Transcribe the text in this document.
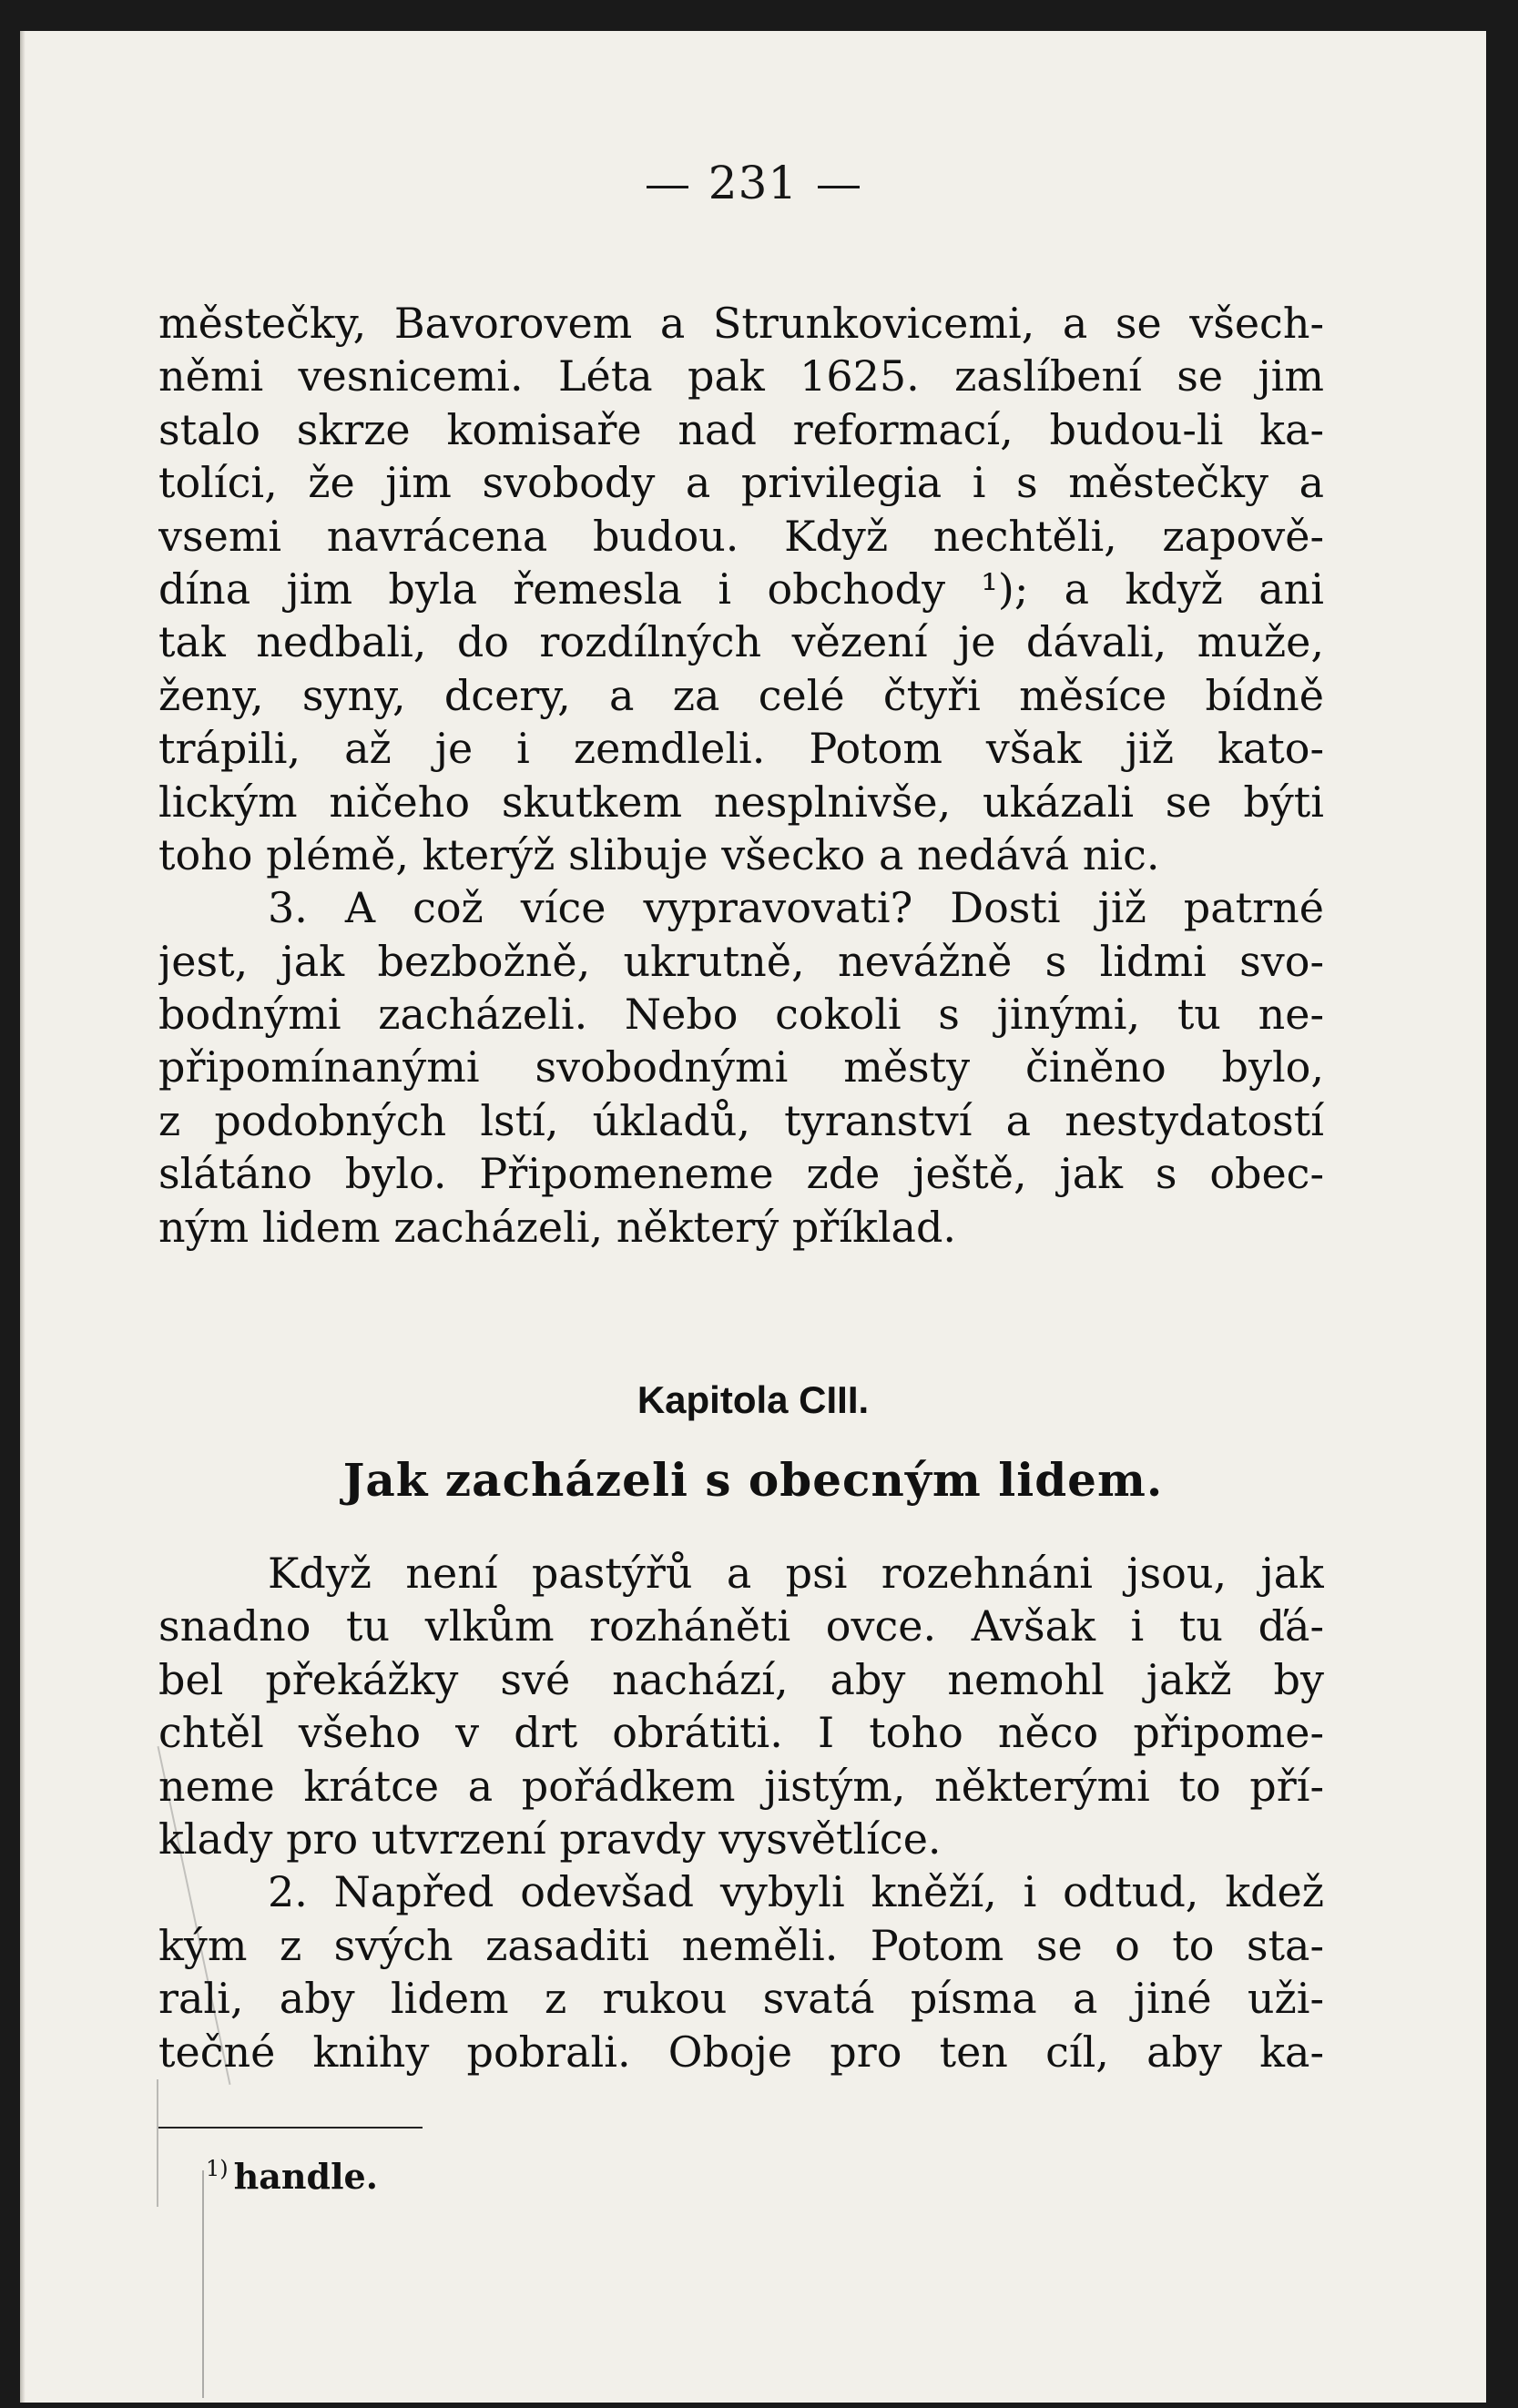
231
městečky, Bavorovem a Strunkovicemi, a se všech-
němi vesnicemi. Léta pak 1625. zaslíbení se jim
stalo skrze komisaře nad reformací, budou-li ka-
tolíci, že jim svobody a privilegia i s městečky a
vsemi navrácena budou. Když nechtěli, zapově-
dína jim byla řemesla i obchody ¹); a když ani
tak nedbali, do rozdílných vězení je dávali, muže,
ženy, syny, dcery, a za celé čtyři měsíce bídně
trápili, až je i zemdleli. Potom však již kato-
lickým ničeho skutkem nesplnivše, ukázali se býti
toho plémě, kterýž slibuje všecko a nedává nic.
3. A což více vypravovati? Dosti již patrné
jest, jak bezbožně, ukrutně, nevážně s lidmi svo-
bodnými zacházeli. Nebo cokoli s jinými, tu ne-
připomínanými svobodnými městy činěno bylo,
z podobných lstí, úkladů, tyranství a nestydatostí
slátáno bylo. Připomeneme zde ještě, jak s obec-
ným lidem zacházeli, některý příklad.
Kapitola CIII.
Jak zacházeli s obecným lidem.
Když není pastýřů a psi rozehnáni jsou, jak
snadno tu vlkům rozháněti ovce. Avšak i tu ďá-
bel překážky své nachází, aby nemohl jakž by
chtěl všeho v drt obrátiti. I toho něco připome-
neme krátce a pořádkem jistým, některými to pří-
klady pro utvrzení pravdy vysvětlíce.
2. Napřed odevšad vybyli kněží, i odtud, kdež
kým z svých zasaditi neměli. Potom se o to sta-
rali, aby lidem z rukou svatá písma a jiné uži-
tečné knihy pobrali. Oboje pro ten cíl, aby ka-
$^{1)}$ handle.
